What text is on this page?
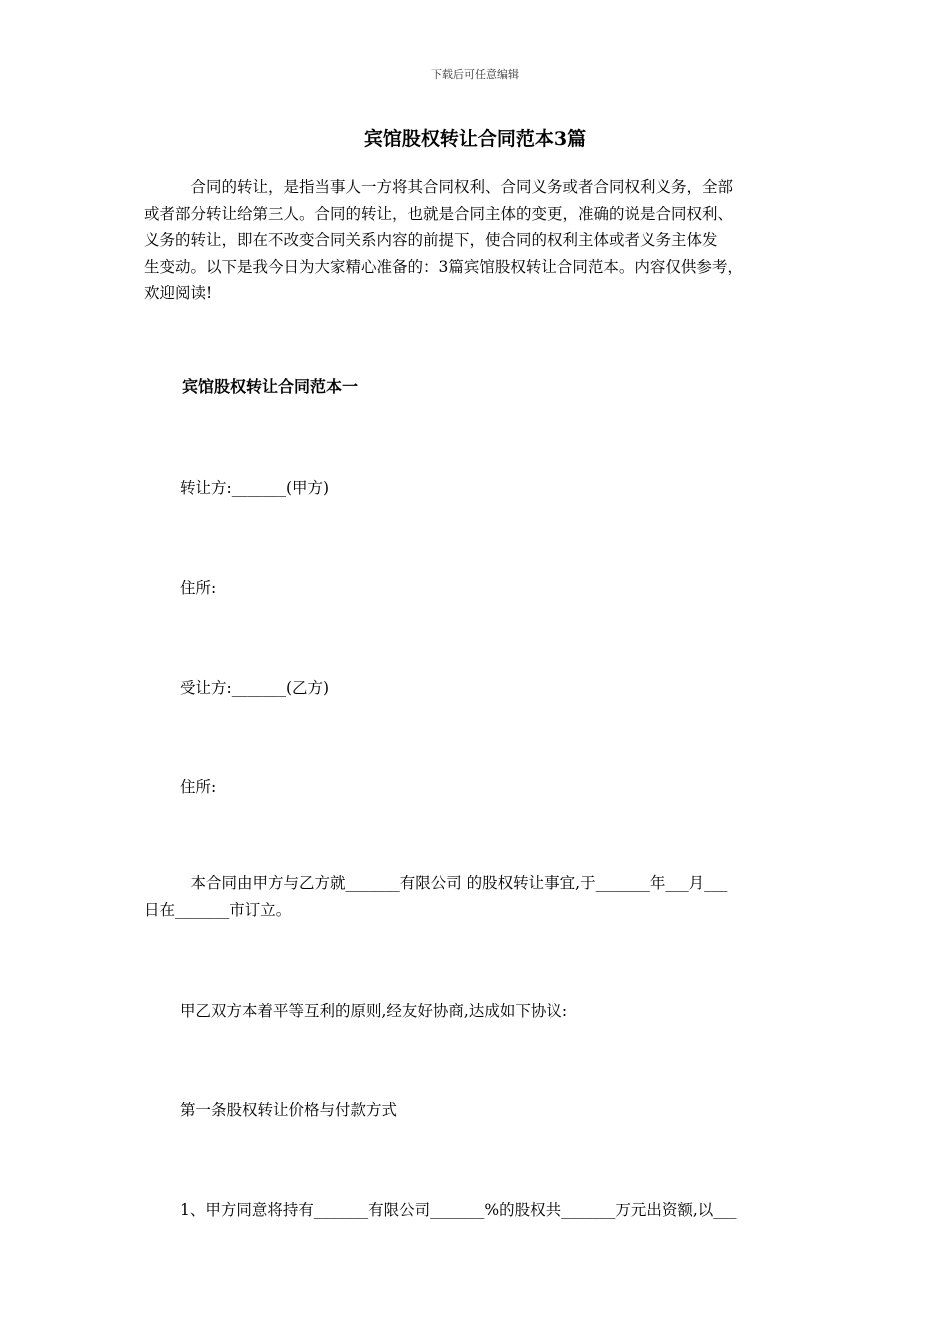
下载后可任意编辑
宾馆股权转让合同范本3篇
　　　合同的转让，是指当事人一方将其合同权利、合同义务或者合同权利义务，全部
或者部分转让给第三人。合同的转让，也就是合同主体的变更，准确的说是合同权利、
义务的转让，即在不改变合同关系内容的前提下，使合同的权利主体或者义务主体发
生变动。以下是我今日为大家精心准备的：3篇宾馆股权转让合同范本。内容仅供参考，
欢迎阅读!
宾馆股权转让合同范本一
转让方:_______(甲方)
住所:
受让方:_______(乙方)
住所:
　　　本合同由甲方与乙方就_______有限公司 的股权转让事宜,于_______年___月___
日在_______市订立。
甲乙双方本着平等互利的原则,经友好协商,达成如下协议:
第一条股权转让价格与付款方式
1、甲方同意将持有_______有限公司_______%的股权共_______万元出资额,以___
